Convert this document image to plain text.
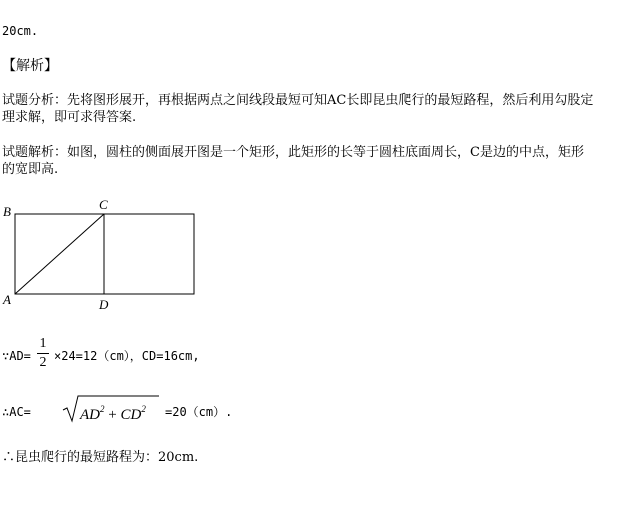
20cm.
【解析】
试题分析：先将图形展开，再根据两点之间线段最短可知AC长即昆虫爬行的最短路程，然后利用勾股定
理求解，即可求得答案.
试题解析：如图，圆柱的侧面展开图是一个矩形，此矩形的长等于圆柱底面周长，C是边的中点，矩形
的宽即高.
B	C
A	D
∵AD=
1
2 ×24=12（cm），CD=16cm,
∴AC=	$AD^2 + CD^2 =20(cm)$.
∴昆虫爬行的最短路程为：20cm.
